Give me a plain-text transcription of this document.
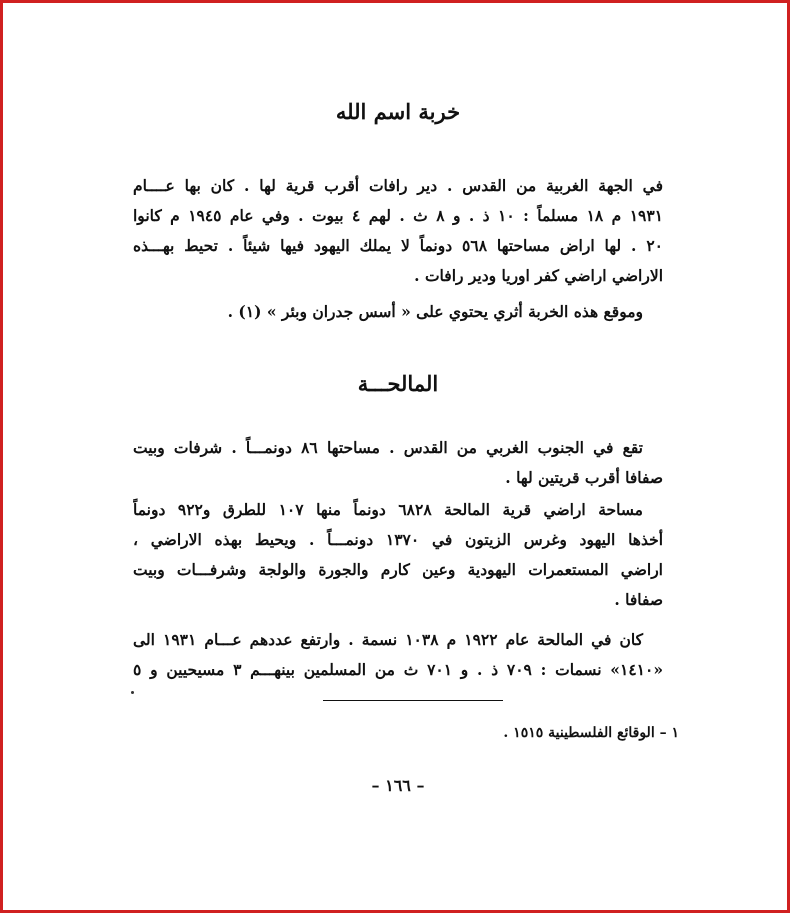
خربة اسم الله
في الجهة الغربية من القدس . دير رافات أقرب قرية لها . كان بها عــــام
١٩٣١ م ١٨ مسلماً : ١٠ ذ . و ٨ ث . لهم ٤ بيوت . وفي عام ١٩٤٥ م كانوا
٢٠ . لها اراض مساحتها ٥٦٨ دونماً لا يملك اليهود فيها شيئاً . تحيط بهـــذه
الاراضي اراضي كفر اوريا ودير رافات .
وموقع هذه الخربة أثري يحتوي على « أسس جدران وبئر » (١) .
المالحـــة
تقع في الجنوب الغربي من القدس . مساحتها ٨٦ دونمـــاً . شرفات وبيت
صفافا أقرب قريتين لها .
مساحة اراضي قرية المالحة ٦٨٢٨ دونماً منها ١٠٧ للطرق و٩٢٢ دونماً
أخذها اليهود وغرس الزيتون في ١٣٧٠ دونمـــاً . ويحيط بهذه الاراضي ،
اراضي المستعمرات اليهودية وعين كارم والجورة والولجة وشرفـــات وبيت
صفافا .
كان في المالحة عام ١٩٢٢ م ١٠٣٨ نسمة . وارتفع عددهم عـــام ١٩٣١ الى
«١٤١٠» نسمات : ٧٠٩ ذ . و ٧٠١ ث من المسلمين بينهـــم ٣ مسيحيين و ٥
– ١٦٦ –
١ – الوقائع الفلسطينية ١٥١٥ .
